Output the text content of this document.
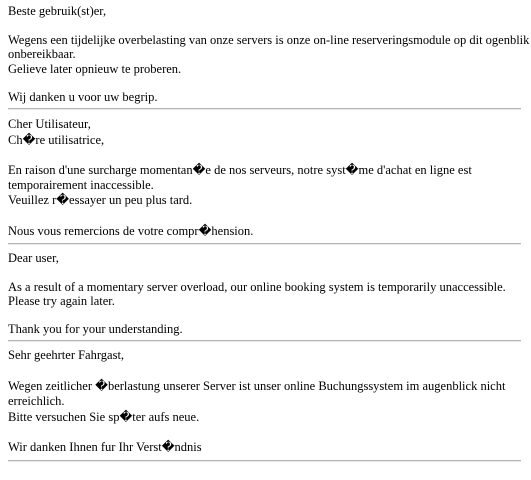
Beste gebruik(st)er,
Wegens een tijdelijke overbelasting van onze servers is onze on-line reserveringsmodule op dit ogenblik
onbereikbaar.
Gelieve later opnieuw te proberen.
Wij danken u voor uw begrip.
Cher Utilisateur,
Ch�re utilisatrice,
En raison d'une surcharge momentan�e de nos serveurs, notre syst�me d'achat en ligne est
temporairement inaccessible.
Veuillez r�essayer un peu plus tard.
Nous vous remercions de votre compr�hension.
Dear user,
As a result of a momentary server overload, our online booking system is temporarily unaccessible.
Please try again later.
Thank you for your understanding.
Sehr geehrter Fahrgast,
Wegen zeitlicher �berlastung unserer Server ist unser online Buchungssystem im augenblick nicht
erreichlich.
Bitte versuchen Sie sp�ter aufs neue.
Wir danken Ihnen fur Ihr Verst�ndnis
